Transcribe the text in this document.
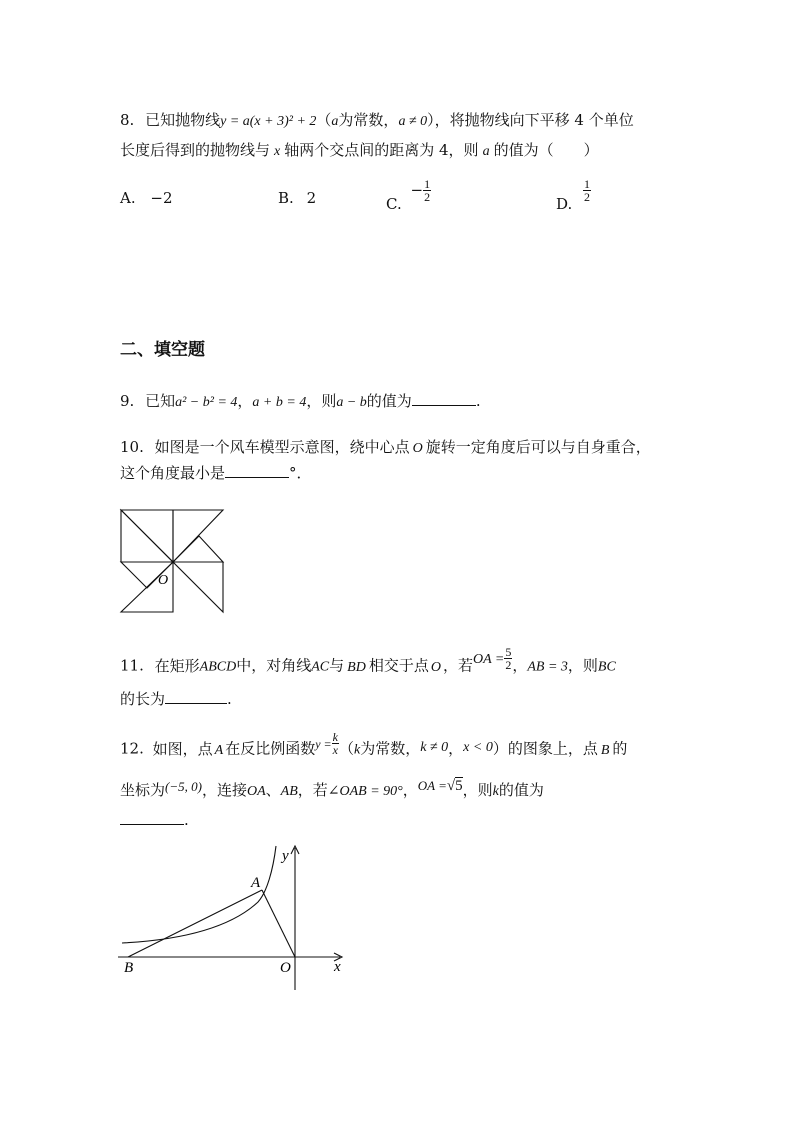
8. 已知抛物线y = a(x + 3)² + 2（a为常数，a ≠ 0），将抛物线向下平移 4 个单位
长度后得到的抛物线与 x 轴两个交点间的距离为 4，则 a 的值为（　　）
A. −2	B. 2	C. − $\frac{1}{2}$
D.
$\frac{1}{2}$
二、填空题
9. 已知a² − b² = 4，a + b = 4，则a − b的值为	.
10. 如图是一个风车模型示意图，绕中心点 O 旋转一定角度后可以与自身重合，
这个角度最小是	°．
O
11. 在矩形ABCD中，对角线AC与 BD 相交于点 O ，若OA = $\frac{5}{2}$ ，AB = 3，则BC
的长为	.
12. 如图，点 A 在反比例函数$^{y =} \frac{k}{x} (k$为常数，k ≠ 0，x < 0）的图象上，点 B 的
坐标为(−5, 0)，连接OA、AB，若∠OAB = 90°，OA =√5，则k的值为
.
y
x
A
B	O
